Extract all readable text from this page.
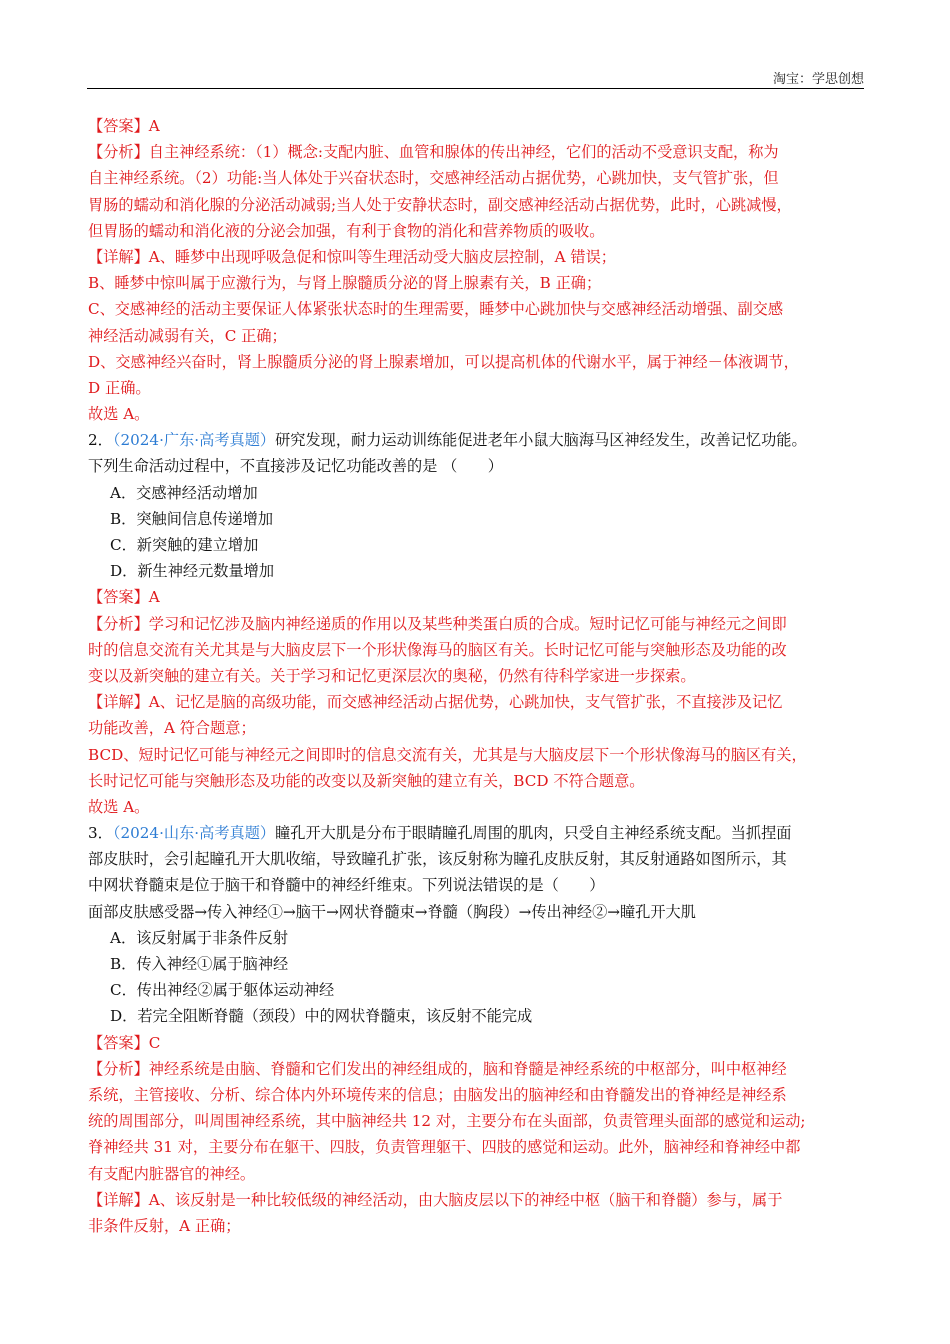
淘宝：学思创想
【答案】A
【分析】自主神经系统：（1）概念:支配内脏、血管和腺体的传出神经，它们的活动不受意识支配，称为
自主神经系统。（2）功能:当人体处于兴奋状态时，交感神经活动占据优势，心跳加快，支气管扩张，但
胃肠的蠕动和消化腺的分泌活动减弱;当人处于安静状态时，副交感神经活动占据优势，此时，心跳减慢，
但胃肠的蠕动和消化液的分泌会加强，有利于食物的消化和营养物质的吸收。
【详解】A、睡梦中出现呼吸急促和惊叫等生理活动受大脑皮层控制，A 错误；
B、睡梦中惊叫属于应激行为，与肾上腺髓质分泌的肾上腺素有关，B 正确；
C、交感神经的活动主要保证人体紧张状态时的生理需要，睡梦中心跳加快与交感神经活动增强、副交感
神经活动减弱有关，C 正确；
D、交感神经兴奋时，肾上腺髓质分泌的肾上腺素增加，可以提高机体的代谢水平，属于神经－体液调节，
D 正确。
故选 A。
2．（2024·广东·高考真题）研究发现，耐力运动训练能促进老年小鼠大脑海马区神经发生，改善记忆功能。
下列生命活动过程中，不直接涉及记忆功能改善的是 （　　）
A．交感神经活动增加
B．突触间信息传递增加
C．新突触的建立增加
D．新生神经元数量增加
【答案】A
【分析】学习和记忆涉及脑内神经递质的作用以及某些种类蛋白质的合成。短时记忆可能与神经元之间即
时的信息交流有关尤其是与大脑皮层下一个形状像海马的脑区有关。长时记忆可能与突触形态及功能的改
变以及新突触的建立有关。关于学习和记忆更深层次的奥秘，仍然有待科学家进一步探索。
【详解】A、记忆是脑的高级功能，而交感神经活动占据优势，心跳加快，支气管扩张，不直接涉及记忆
功能改善，A 符合题意；
BCD、短时记忆可能与神经元之间即时的信息交流有关，尤其是与大脑皮层下一个形状像海马的脑区有关，
长时记忆可能与突触形态及功能的改变以及新突触的建立有关，BCD 不符合题意。
故选 A。
3．（2024·山东·高考真题）瞳孔开大肌是分布于眼睛瞳孔周围的肌肉，只受自主神经系统支配。当抓捏面
部皮肤时，会引起瞳孔开大肌收缩，导致瞳孔扩张，该反射称为瞳孔皮肤反射，其反射通路如图所示，其
中网状脊髓束是位于脑干和脊髓中的神经纤维束。下列说法错误的是（　　）
面部皮肤感受器→传入神经①→脑干→网状脊髓束→脊髓（胸段）→传出神经②→瞳孔开大肌
A．该反射属于非条件反射
B．传入神经①属于脑神经
C．传出神经②属于躯体运动神经
D．若完全阻断脊髓（颈段）中的网状脊髓束，该反射不能完成
【答案】C
【分析】神经系统是由脑、脊髓和它们发出的神经组成的，脑和脊髓是神经系统的中枢部分，叫中枢神经
系统，主管接收、分析、综合体内外环境传来的信息；由脑发出的脑神经和由脊髓发出的脊神经是神经系
统的周围部分，叫周围神经系统，其中脑神经共 12 对，主要分布在头面部，负责管理头面部的感觉和运动;
脊神经共 31 对，主要分布在躯干、四肢，负责管理躯干、四肢的感觉和运动。此外，脑神经和脊神经中都
有支配内脏器官的神经。
【详解】A、该反射是一种比较低级的神经活动，由大脑皮层以下的神经中枢（脑干和脊髓）参与，属于
非条件反射，A 正确；
